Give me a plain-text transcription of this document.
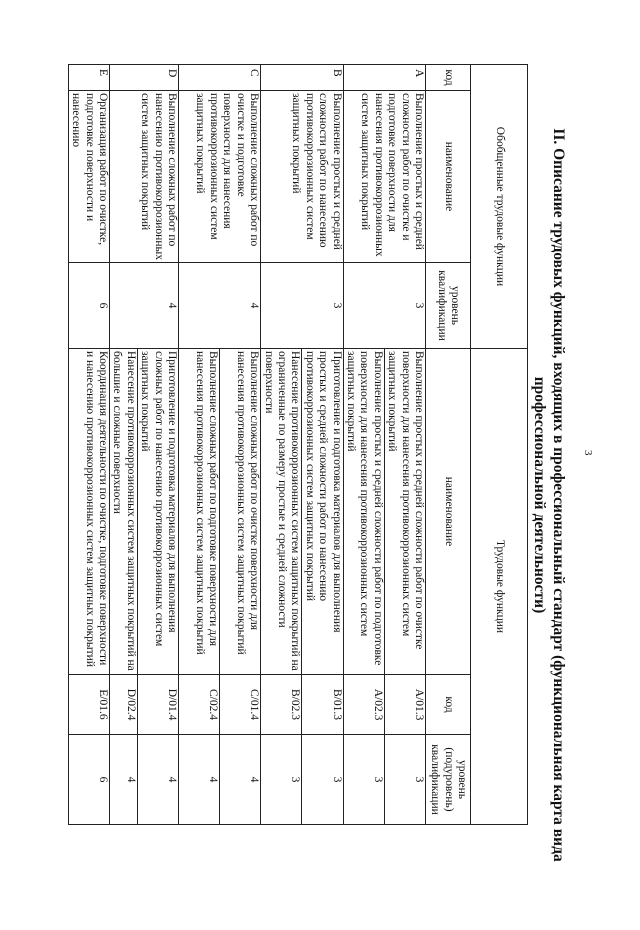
3
II. Описание трудовых функций, входящих в профессиональный стандарт (функциональная карта вида профессиональной деятельности)
Обобщенные трудовые функции			Трудовые функции		
код	наименование	уровень квалификации	наименование	код	уровень (подуровень) квалификации
A	Выполнение простых и средней сложности работ по очистке и подготовке поверхности для нанесения противокоррозионных систем защитных покрытий	3	Выполнение простых и средней сложности работ по очистке поверхности для нанесения противокоррозионных систем защитных покрытий	A/01.3	3
			Выполнение простых и средней сложности работ по подготовке поверхности для нанесения противокоррозионных систем защитных покрытий	A/02.3	3
B	Выполнение простых и средней сложности работ по нанесению противокоррозионных систем защитных покрытий	3	Приготовление и подготовка материалов для выполнения простых и средней сложности работ по нанесению противокоррозионных систем защитных покрытий	B/01.3	3
			Нанесение противокоррозионных систем защитных покрытий на ограниченные по размеру простые и средней сложности поверхности	B/02.3	3
C	Выполнение сложных работ по очистке и подготовке поверхности для нанесения противокоррозионных систем защитных покрытий	4	Выполнение сложных работ по очистке поверхности для нанесения противокоррозионных систем защитных покрытий	C/01.4	4
			Выполнение сложных работ по подготовке поверхности для нанесения противокоррозионных систем защитных покрытий	C/02.4	4
D	Выполнение сложных работ по нанесению противокоррозионных систем защитных покрытий	4	Приготовление и подготовка материалов для выполнения сложных работ по нанесению противокоррозионных систем защитных покрытий	D/01.4	4
			Нанесение противокоррозионных систем защитных покрытий на большие и сложные поверхности	D/02.4	4
E	Организация работ по очистке, подготовке поверхности и нанесению	6	Координация деятельности по очистке, подготовке поверхности и нанесению противокоррозионных систем защитных покрытий	E/01.6	6
